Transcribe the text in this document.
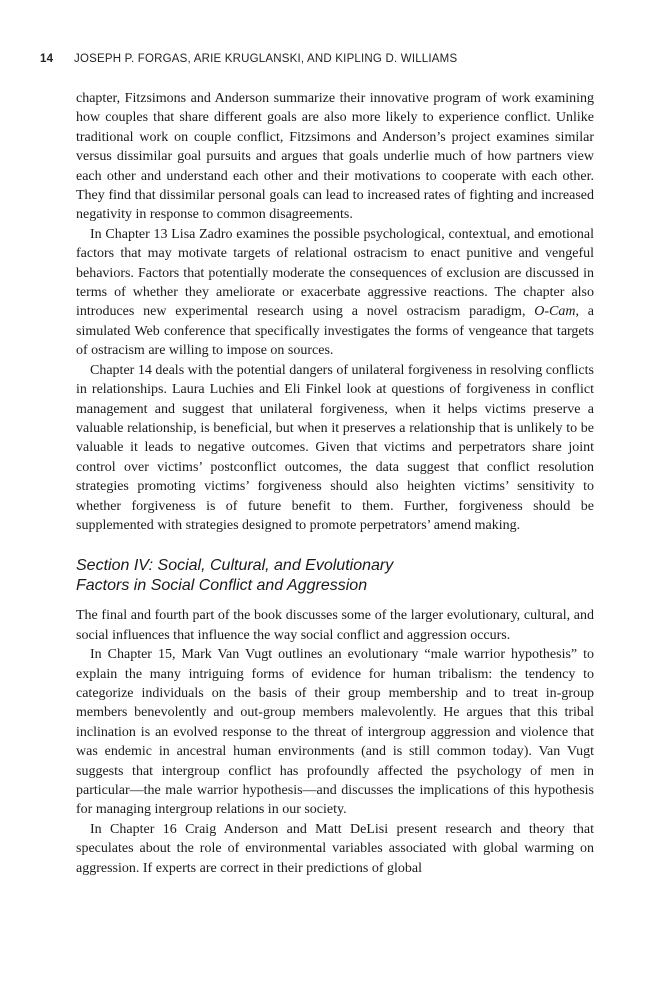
14 JOSEPH P. FORGAS, ARIE KRUGLANSKI, AND KIPLING D. WILLIAMS

chapter, Fitzsimons and Anderson summarize their innovative program of work examining how couples that share different goals are also more likely to experience conflict. Unlike traditional work on couple conflict, Fitzsimons and Anderson’s project examines similar versus dissimilar goal pursuits and argues that goals underlie much of how partners view each other and understand each other and their motivations to cooperate with each other. They find that dissimilar personal goals can lead to increased rates of fighting and increased negativity in response to common disagreements.

In Chapter 13 Lisa Zadro examines the possible psychological, contextual, and emotional factors that may motivate targets of relational ostracism to enact punitive and vengeful behaviors. Factors that potentially moderate the consequences of exclusion are discussed in terms of whether they ameliorate or exacerbate aggressive reactions. The chapter also introduces new experimental research using a novel ostracism paradigm, O-Cam, a simulated Web conference that specifically investigates the forms of vengeance that targets of ostracism are willing to impose on sources.

Chapter 14 deals with the potential dangers of unilateral forgiveness in resolving conflicts in relationships. Laura Luchies and Eli Finkel look at questions of forgiveness in conflict management and suggest that unilateral forgiveness, when it helps victims preserve a valuable relationship, is beneficial, but when it preserves a relationship that is unlikely to be valuable it leads to negative outcomes. Given that victims and perpetrators share joint control over victims’ postconflict outcomes, the data suggest that conflict resolution strategies promoting victims’ forgiveness should also heighten victims’ sensitivity to whether forgiveness is of future benefit to them. Further, forgiveness should be supplemented with strategies designed to promote perpetrators’ amend making.

Section IV: Social, Cultural, and Evolutionary
Factors in Social Conflict and Aggression

The final and fourth part of the book discusses some of the larger evolutionary, cultural, and social influences that influence the way social conflict and aggression occurs.

In Chapter 15, Mark Van Vugt outlines an evolutionary “male warrior hypothesis” to explain the many intriguing forms of evidence for human tribalism: the tendency to categorize individuals on the basis of their group membership and to treat in-group members benevolently and out-group members malevolently. He argues that this tribal inclination is an evolved response to the threat of intergroup aggression and violence that was endemic in ancestral human environments (and is still common today). Van Vugt suggests that intergroup conflict has profoundly affected the psychology of men in particular—the male warrior hypothesis—and discusses the implications of this hypothesis for managing intergroup relations in our society.

In Chapter 16 Craig Anderson and Matt DeLisi present research and theory that speculates about the role of environmental variables associated with global warming on aggression. If experts are correct in their predictions of global
